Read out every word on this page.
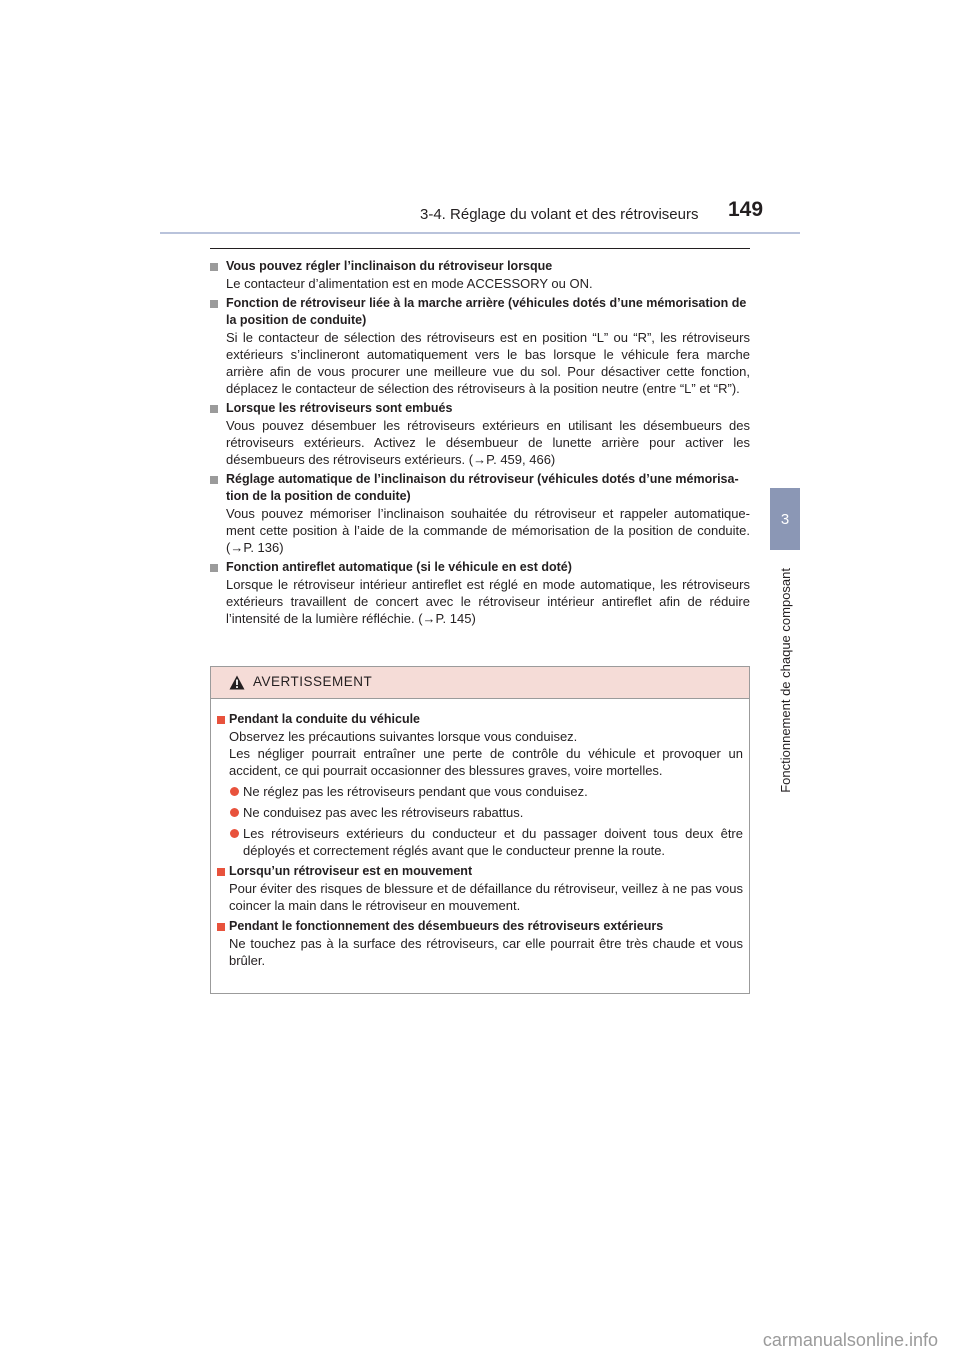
3-4. Réglage du volant et des rétroviseurs 149
3
Fonctionnement de chaque composant
Vous pouvez régler l’inclinaison du rétroviseur lorsque
Le contacteur d’alimentation est en mode ACCESSORY ou ON.
Fonction de rétroviseur liée à la marche arrière (véhicules dotés d’une mémorisation de la position de conduite)
Si le contacteur de sélection des rétroviseurs est en position “L” ou “R”, les rétroviseurs extérieurs s’inclineront automatiquement vers le bas lorsque le véhicule fera marche arrière afin de vous procurer une meilleure vue du sol. Pour désactiver cette fonction, déplacez le contacteur de sélection des rétroviseurs à la position neutre (entre “L” et “R”).
Lorsque les rétroviseurs sont embués
Vous pouvez désembuer les rétroviseurs extérieurs en utilisant les désembueurs des rétroviseurs extérieurs. Activez le désembueur de lunette arrière pour activer les désembueurs des rétroviseurs extérieurs. (→P. 459, 466)
Réglage automatique de l’inclinaison du rétroviseur (véhicules dotés d’une mémorisa-tion de la position de conduite)
Vous pouvez mémoriser l’inclinaison souhaitée du rétroviseur et rappeler automatique-ment cette position à l’aide de la commande de mémorisation de la position de conduite. (→P. 136)
Fonction antireflet automatique (si le véhicule en est doté)
Lorsque le rétroviseur intérieur antireflet est réglé en mode automatique, les rétroviseurs extérieurs travaillent de concert avec le rétroviseur intérieur antireflet afin de réduire l’intensité de la lumière réfléchie. (→P. 145)
AVERTISSEMENT
Pendant la conduite du véhicule
Observez les précautions suivantes lorsque vous conduisez.
Les négliger pourrait entraîner une perte de contrôle du véhicule et provoquer un accident, ce qui pourrait occasionner des blessures graves, voire mortelles.
Ne réglez pas les rétroviseurs pendant que vous conduisez.
Ne conduisez pas avec les rétroviseurs rabattus.
Les rétroviseurs extérieurs du conducteur et du passager doivent tous deux être déployés et correctement réglés avant que le conducteur prenne la route.
Lorsqu’un rétroviseur est en mouvement
Pour éviter des risques de blessure et de défaillance du rétroviseur, veillez à ne pas vous coincer la main dans le rétroviseur en mouvement.
Pendant le fonctionnement des désembueurs des rétroviseurs extérieurs
Ne touchez pas à la surface des rétroviseurs, car elle pourrait être très chaude et vous brûler.
carmanualsonline.info
